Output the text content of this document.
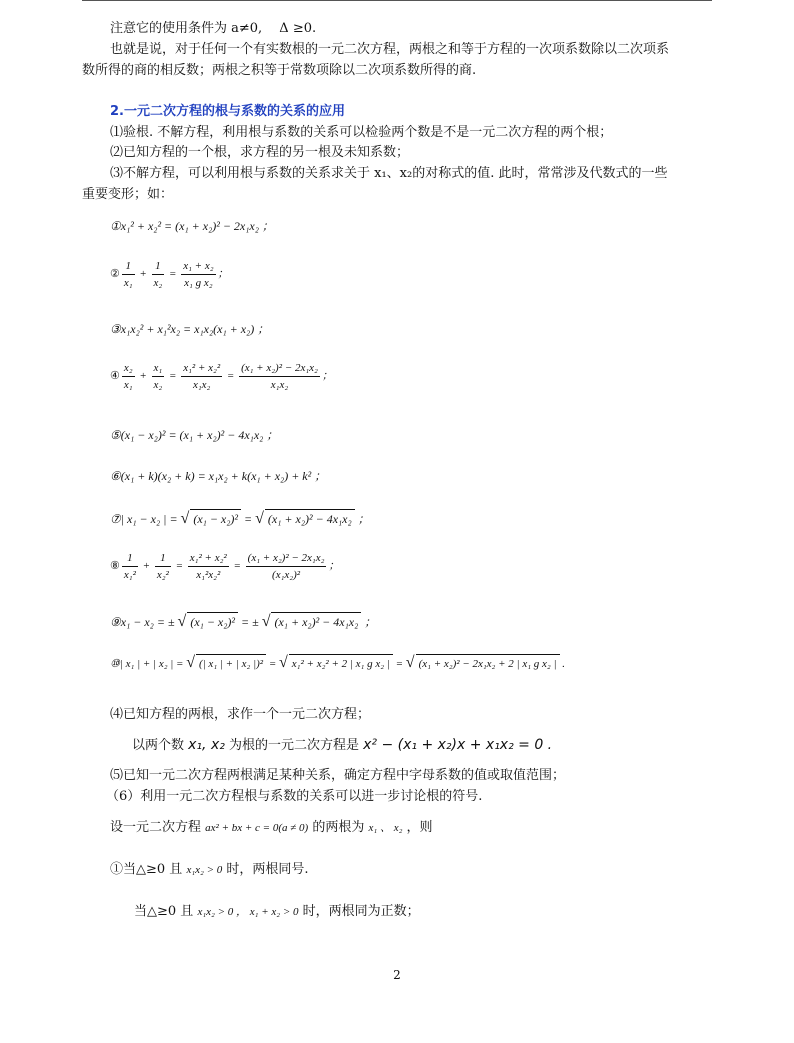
注意它的使用条件为 a≠0,　 Δ ≥0.
也就是说，对于任何一个有实数根的一元二次方程，两根之和等于方程的一次项系数除以二次项系
数所得的商的相反数；两根之积等于常数项除以二次项系数所得的商.
2.一元二次方程的根与系数的关系的应用
⑴验根. 不解方程，利用根与系数的关系可以检验两个数是不是一元二次方程的两个根；
⑵已知方程的一个根，求方程的另一根及未知系数；
⑶不解方程，可以利用根与系数的关系求关于 x₁、x₂的对称式的值. 此时，常常涉及代数式的一些
重要变形；如：
①x₁² + x₂² = (x₁ + x₂)² − 2x₁x₂ ；
② $\frac{1}{\text{x₁}} + \frac{1}{\text{x₂}} = \frac{\text{x₁ + x₂}}{\text{x₁ g x₂}}$ ；
③x₁x₂² + x₁²x₂ = x₁x₂(x₁ + x₂) ；
④ $\frac{\text{x₂}}{\text{x₁}} + \frac{\text{x₁}}{\text{x₂}} = \frac{\text{x₁² + x₂²}}{\text{x₁x₂}} = \frac{\text{(x₁ + x₂)² − 2x₁x₂}}{\text{x₁x₂}}$ ；
⑤(x₁ − x₂)² = (x₁ + x₂)² − 4x₁x₂ ；
⑥(x₁ + k)(x₂ + k) = x₁x₂ + k(x₁ + x₂) + k² ；
⑦| x₁ − x₂ | = √ (x₁ − x₂)² = √ (x₁ + x₂)² − 4x₁x₂ ；
⑧ $\frac{1}{\text{x₁²}} + \frac{1}{\text{x₂²}} = \frac{\text{x₁² + x₂²}}{\text{x₁²x₂²}} = \frac{\text{(x₁ + x₂)² − 2x₁x₂}}{\text{(x₁x₂)²}}$ ；
⑨x₁ − x₂ = ± √ (x₁ − x₂)² = ± √ (x₁ + x₂)² − 4x₁x₂ ；
⑩| x₁ | + | x₂ | = √ (| x₁ | + | x₂ |)² = √ x₁² + x₂² + 2 | x₁ g x₂ | = √ (x₁ + x₂)² − 2x₁x₂ + 2 | x₁ g x₂ | .
⑷已知方程的两根，求作一个一元二次方程；
以两个数 x₁, x₂ 为根的一元二次方程是 x² − (x₁ + x₂)x + x₁x₂ = 0 .
⑸已知一元二次方程两根满足某种关系，确定方程中字母系数的值或取值范围；
（6）利用一元二次方程根与系数的关系可以进一步讨论根的符号.
设一元二次方程 ax² + bx + c = 0(a ≠ 0) 的两根为 x₁ 、 x₂ ，则
①当△≥0 且 x₁x₂ > 0 时，两根同号.
当△≥0 且 x₁x₂ > 0 ， x₁ + x₂ > 0 时，两根同为正数；
2
